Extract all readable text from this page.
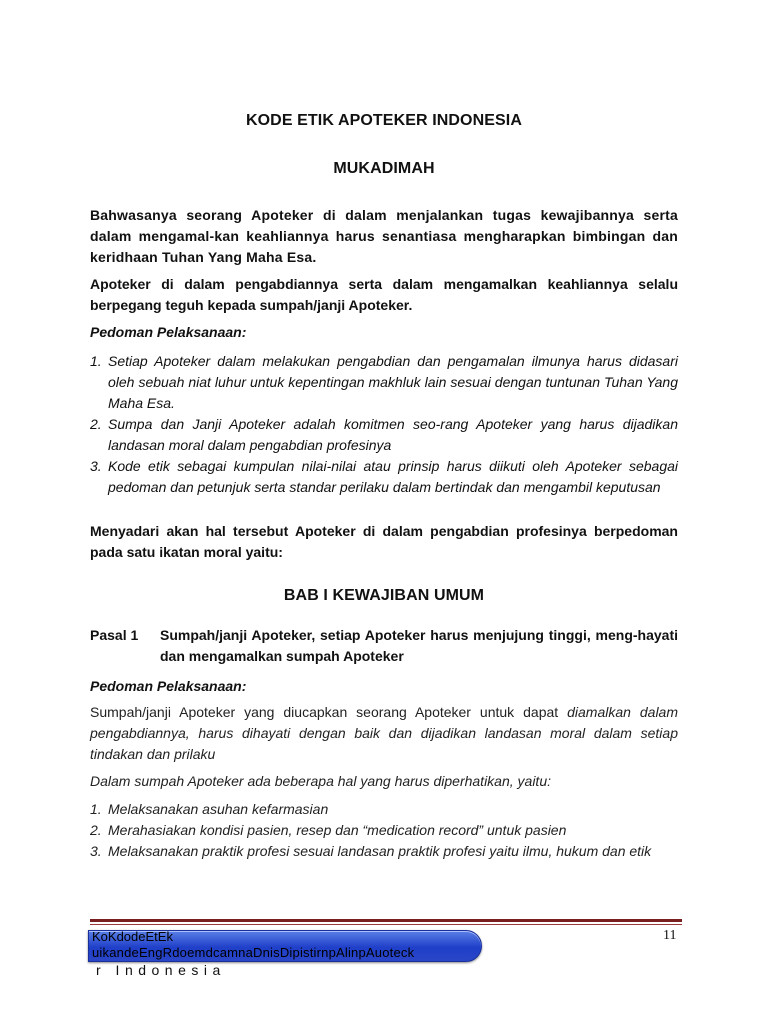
KODE ETIK APOTEKER INDONESIA
MUKADIMAH
Bahwasanya seorang Apoteker di dalam menjalankan tugas kewajibannya serta dalam mengamal-kan keahliannya harus senantiasa mengharapkan bimbingan dan keridhaan Tuhan Yang Maha Esa.
Apoteker di dalam pengabdiannya serta dalam mengamalkan keahliannya selalu berpegang teguh kepada sumpah/janji Apoteker.
Pedoman Pelaksanaan:
1. Setiap Apoteker dalam melakukan pengabdian dan pengamalan ilmunya harus didasari oleh sebuah niat luhur untuk kepentingan makhluk lain sesuai dengan tuntunan Tuhan Yang Maha Esa.
2. Sumpa dan Janji Apoteker adalah komitmen seo-rang Apoteker yang harus dijadikan landasan moral dalam pengabdian profesinya
3. Kode etik sebagai kumpulan nilai-nilai atau prinsip harus diikuti oleh Apoteker sebagai pedoman dan petunjuk serta standar perilaku dalam bertindak dan mengambil keputusan
Menyadari akan hal tersebut Apoteker di dalam pengabdian profesinya berpedoman pada satu ikatan moral yaitu:
BAB I KEWAJIBAN UMUM
Pasal 1 Sumpah/janji Apoteker, setiap Apoteker harus menjujung tinggi, meng-hayati dan mengamalkan sumpah Apoteker
Pedoman Pelaksanaan:
Sumpah/janji Apoteker yang diucapkan seorang Apoteker untuk dapat diamalkan dalam pengabdiannya, harus dihayati dengan baik dan dijadikan landasan moral dalam setiap tindakan dan prilaku
Dalam sumpah Apoteker ada beberapa hal yang harus diperhatikan, yaitu:
1. Melaksanakan asuhan kefarmasian
2. Merahasiakan kondisi pasien, resep dan “medication record” untuk pasien
3. Melaksanakan praktik profesi sesuai landasan praktik profesi yaitu ilmu, hukum dan etik
KoKdodeEtEk
uikandeEngRdoemdcamnaDnisDipistirnpAlinpAuoteck
r Indonesia
11
